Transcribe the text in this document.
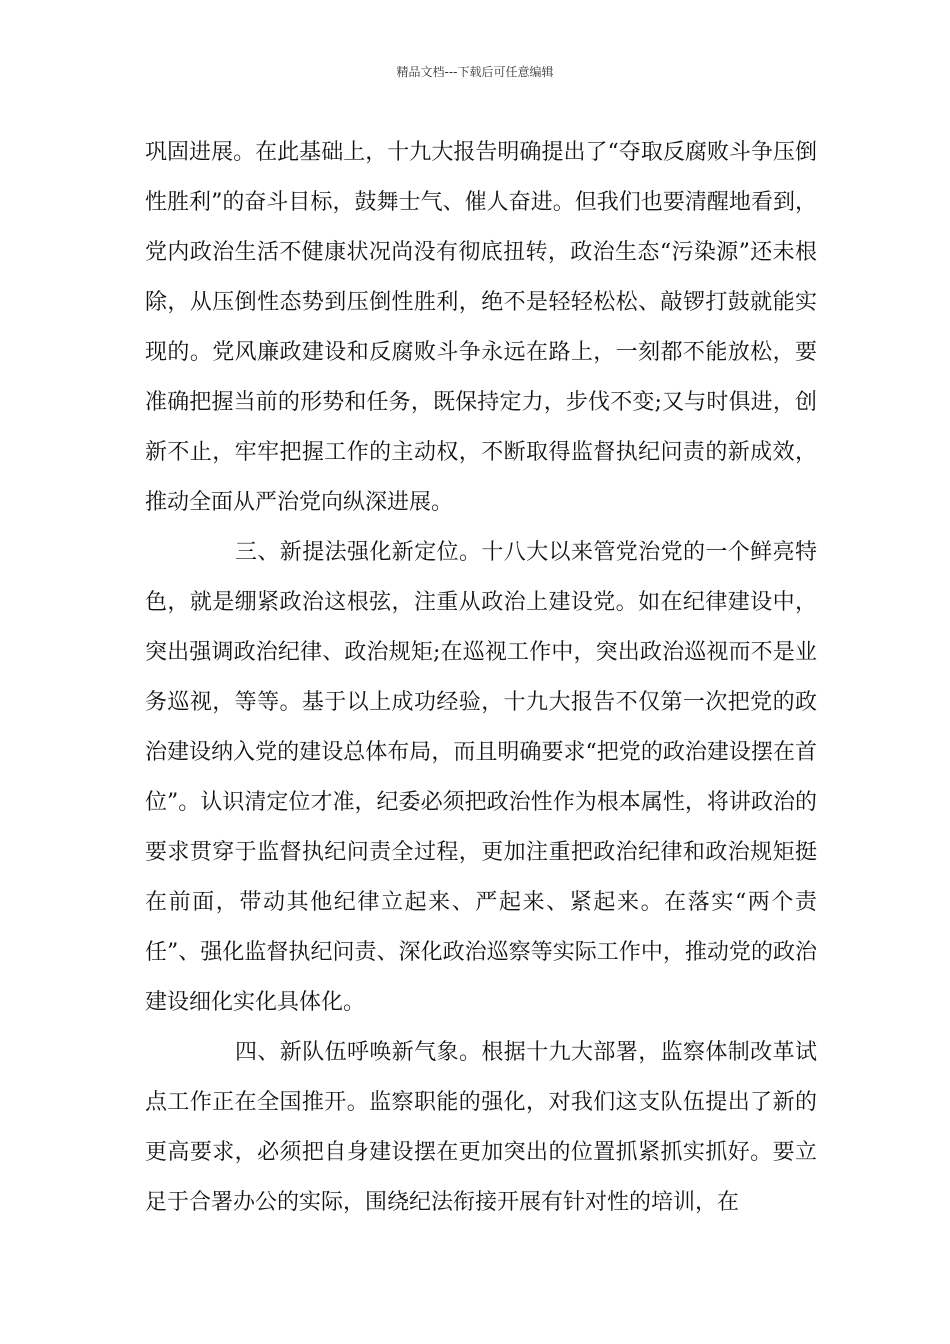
精品文档---下载后可任意编辑

巩固进展。在此基础上，十九大报告明确提出了“夺取反腐败斗争压倒性胜利”的奋斗目标，鼓舞士气、催人奋进。但我们也要清醒地看到，党内政治生活不健康状况尚没有彻底扭转，政治生态“污染源”还未根除，从压倒性态势到压倒性胜利，绝不是轻轻松松、敲锣打鼓就能实现的。党风廉政建设和反腐败斗争永远在路上，一刻都不能放松，要准确把握当前的形势和任务，既保持定力，步伐不变;又与时俱进，创新不止，牢牢把握工作的主动权，不断取得监督执纪问责的新成效，推动全面从严治党向纵深进展。

三、新提法强化新定位。十八大以来管党治党的一个鲜亮特色，就是绷紧政治这根弦，注重从政治上建设党。如在纪律建设中，突出强调政治纪律、政治规矩;在巡视工作中，突出政治巡视而不是业务巡视，等等。基于以上成功经验，十九大报告不仅第一次把党的政治建设纳入党的建设总体布局，而且明确要求“把党的政治建设摆在首位”。认识清定位才准，纪委必须把政治性作为根本属性，将讲政治的要求贯穿于监督执纪问责全过程，更加注重把政治纪律和政治规矩挺在前面，带动其他纪律立起来、严起来、紧起来。在落实“两个责任”、强化监督执纪问责、深化政治巡察等实际工作中，推动党的政治建设细化实化具体化。

四、新队伍呼唤新气象。根据十九大部署，监察体制改革试点工作正在全国推开。监察职能的强化，对我们这支队伍提出了新的更高要求，必须把自身建设摆在更加突出的位置抓紧抓实抓好。要立足于合署办公的实际，围绕纪法衔接开展有针对性的培训，在
